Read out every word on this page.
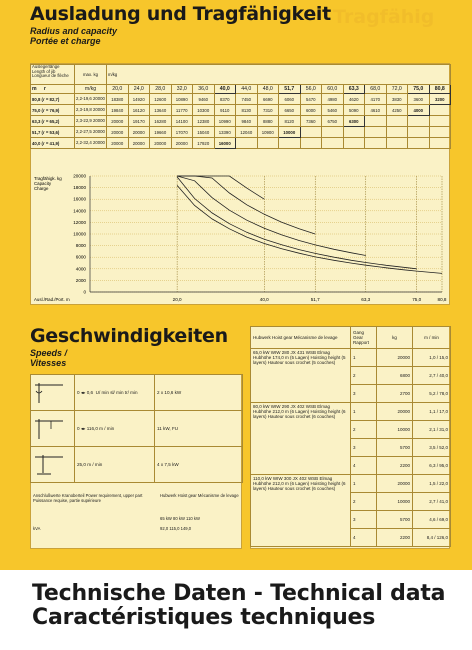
Tragfähig
Ausladung und Tragfähigkeit
Radius and capacity
Portée et charge
Auslegerlänge Length of jib Longueur de flèche	max. kg	m/kg															
m r	m/kg	20,0	24,0	28,0	32,0	36,0	40,0	44,0	48,0	51,7	56,0	60,0	63,3	68,0	72,0	75,0	80,8
80,8 (r = 82,7)	2,2-19,6 20000	18380	14920	12600	10890	9460	8370	7450	6690	6060	5470	4980	4620	4170	3830	3600	3200
75,0 (r = 76,9)	2,3-19,8 20000	19840	16120	13640	11770	10300	9110	8130	7310	6650	6000	5460	5090	4610	4250	4000	
63,3 (r = 65,2)	2,3-22,9 20000	20000	19170	16280	14100	12380	10990	9840	8880	8120	7360	6750	6300				
51,7 (r = 53,6)	2,2-27,5 20000	20000	20000	19660	17070	15040	13390	12040	10900	10000							
40,0 (r = 41,9)	2,2-32,4 20000	20000	20000	20000	20000	17920	16000										
20000
18000
16000
14000
12000
10000
8000
6000
4000
2000
0
20,0	40,0	51,7	63,3	75,0	80,8
Tragfähigk. kg Capacity Charge
Ausl./Rad./Port. m
Geschwindigkeiten
Speeds /
Vitesses
	0 ◂▸ 0,6 U/ min sl/ min tr/ min	2 x 10,6 kW
	0 ◂▸ 116,0 m / min	11 kW, FU
	25,0 m / min	4 x 7,5 kW
Anschlußwerte Kranoberteil Power requirement, upper part Puissance requise, partie supérieure
kVA
Hubwerk Hoist gear Mécanisme de levage
65 kW 80 kW 110 kW
92,0 115,0 149,0
Hubwerk Hoist gear Mécanisme de levage	Gang Gear Rapport	kg	m / min
65,0 kW WIW 280 JX 431 WSB Elmag Hubhöhe 174,0 m (5 Lagen) Hoisting height (5 layers) Hauteur sous crochet (5 couches)	1	20000	1,0 / 15,0
	2	6800	2,7 / 40,0
	3	2700	5,2 / 78,0
80,0 kW WIW 290 JX 402 WSB Elmag Hubhöhe 212,0 m (6 Lagen) Hoisting height (6 layers) Hauteur sous crochet (6 couches)	1	20000	1,1 / 17,0
	2	10000	2,1 / 31,0
	3	5700	3,5 / 52,0
	4	2200	6,3 / 95,0
110,0 kW WIW 300 JX 402 WSB Elmag Hubhöhe 212,0 m (6 Lagen) Hoisting height (6 layers) Hauteur sous crochet (6 couches)	1	20000	1,5 / 22,0
	2	10000	2,7 / 41,0
	3	5700	4,6 / 69,0
	4	2200	8,4 / 126,0
Technische Daten - Technical data
Caractéristiques techniques
